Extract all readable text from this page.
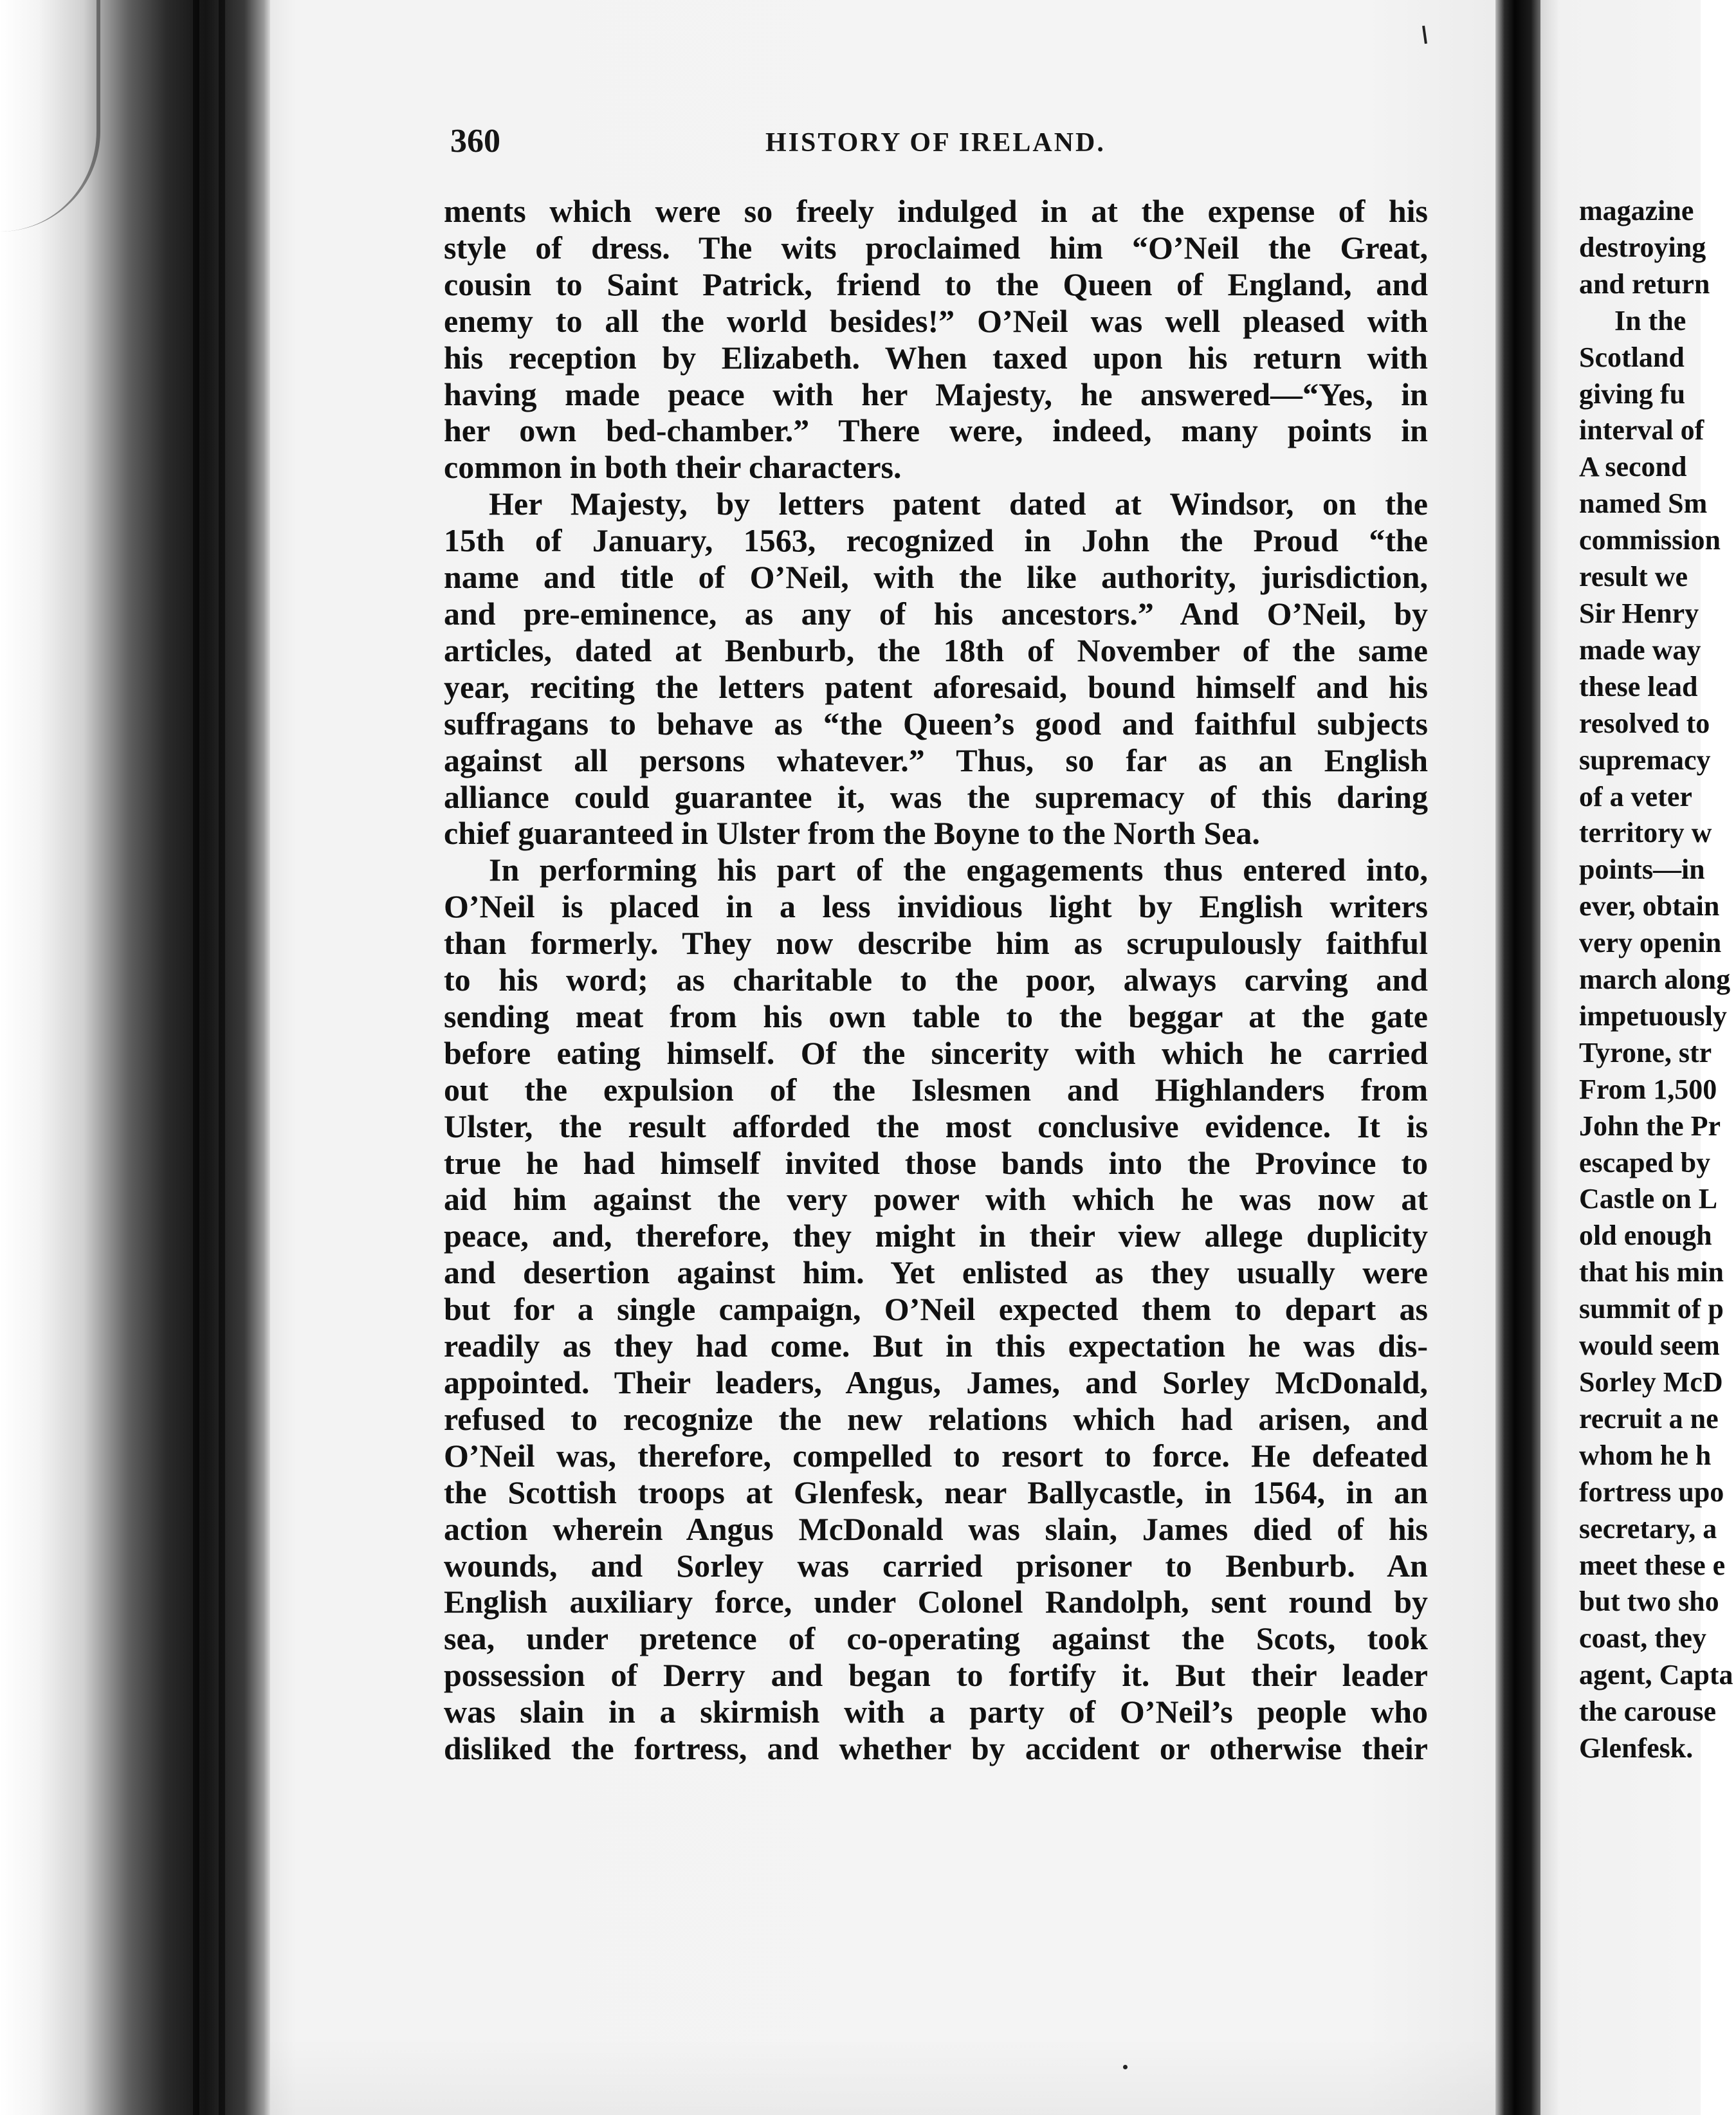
360	HISTORY OF IRELAND.
ments which were so freely indulged in at the expense of his
style of dress. The wits proclaimed him “O’Neil the Great,
cousin to Saint Patrick, friend to the Queen of England, and
enemy to all the world besides!” O’Neil was well pleased with
his reception by Elizabeth. When taxed upon his return with
having made peace with her Majesty, he answered—“Yes, in
her own bed-chamber.” There were, indeed, many points in
common in both their characters.
Her Majesty, by letters patent dated at Windsor, on the
15th of January, 1563, recognized in John the Proud “the
name and title of O’Neil, with the like authority, jurisdiction,
and pre-eminence, as any of his ancestors.” And O’Neil, by
articles, dated at Benburb, the 18th of November of the same
year, reciting the letters patent aforesaid, bound himself and his
suffragans to behave as “the Queen’s good and faithful subjects
against all persons whatever.” Thus, so far as an English
alliance could guarantee it, was the supremacy of this daring
chief guaranteed in Ulster from the Boyne to the North Sea.
In performing his part of the engagements thus entered into,
O’Neil is placed in a less invidious light by English writers
than formerly. They now describe him as scrupulously faithful
to his word; as charitable to the poor, always carving and
sending meat from his own table to the beggar at the gate
before eating himself. Of the sincerity with which he carried
out the expulsion of the Islesmen and Highlanders from
Ulster, the result afforded the most conclusive evidence. It is
true he had himself invited those bands into the Province to
aid him against the very power with which he was now at
peace, and, therefore, they might in their view allege duplicity
and desertion against him. Yet enlisted as they usually were
but for a single campaign, O’Neil expected them to depart as
readily as they had come. But in this expectation he was dis-
appointed. Their leaders, Angus, James, and Sorley McDonald,
refused to recognize the new relations which had arisen, and
O’Neil was, therefore, compelled to resort to force. He defeated
the Scottish troops at Glenfesk, near Ballycastle, in 1564, in an
action wherein Angus McDonald was slain, James died of his
wounds, and Sorley was carried prisoner to Benburb. An
English auxiliary force, under Colonel Randolph, sent round by
sea, under pretence of co-operating against the Scots, took
possession of Derry and began to fortify it. But their leader
was slain in a skirmish with a party of O’Neil’s people who
disliked the fortress, and whether by accident or otherwise their
magazine
destroying
and return
In the
Scotland
giving fu
interval of
A second
named Sm
commission
result we
Sir Henry
made way
these lead
resolved to
supremacy
of a veter
territory w
points—in
ever, obtain
very openin
march along
impetuously
Tyrone, str
From 1,500
John the Pr
escaped by
Castle on L
old enough
that his min
summit of p
would seem
Sorley McD
recruit a ne
whom he h
fortress upo
secretary, a
meet these e
but two sho
coast, they
agent, Capta
the carouse
Glenfesk.
